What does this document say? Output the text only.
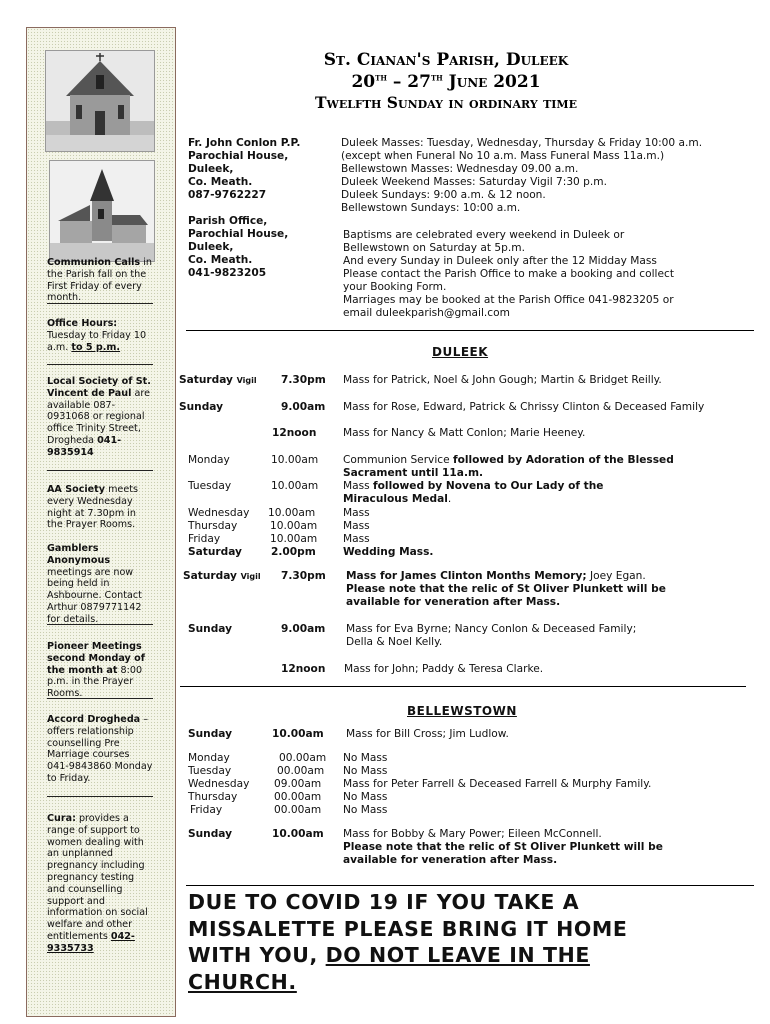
Communion Calls in the Parish fall on the First Friday of every month.
Office Hours:
Tuesday to Friday 10 a.m. to 5 p.m.
Local Society of St. Vincent de Paul are available 087-0931068 or regional office Trinity Street, Drogheda 041-9835914
AA Society meets every Wednesday night at 7.30pm in the Prayer Rooms.
Gamblers Anonymous
meetings are now being held in Ashbourne. Contact Arthur 0879771142 for details.
Pioneer Meetings second Monday of the month at 8:00 p.m. in the Prayer Rooms.
Accord Drogheda – offers relationship counselling Pre Marriage courses 041-9843860 Monday to Friday.
Cura: provides a range of support to women dealing with an unplanned pregnancy including pregnancy testing and counselling support and information on social welfare and other entitlements 042-9335733
St. Cianan's Parish, Duleek
20th – 27th June 2021
Twelfth Sunday in ordinary time
Fr. John Conlon P.P.
Parochial House,
Duleek,
Co. Meath.
087-9762227
Parish Office,
Parochial House,
Duleek,
Co. Meath.
041-9823205
Duleek Masses: Tuesday, Wednesday, Thursday & Friday 10:00 a.m.
(except when Funeral No 10 a.m. Mass Funeral Mass 11a.m.)
Bellewstown Masses: Wednesday 09.00 a.m.
Duleek Weekend Masses: Saturday Vigil 7:30 p.m.
Duleek Sundays: 9:00 a.m. & 12 noon.
Bellewstown Sundays: 10:00 a.m.
Baptisms are celebrated every weekend in Duleek or
Bellewstown on Saturday at 5p.m.
And every Sunday in Duleek only after the 12 Midday Mass
Please contact the Parish Office to make a booking and collect
your Booking Form.
Marriages may be booked at the Parish Office 041-9823205 or
email duleekparish@gmail.com
DULEEK
Saturday Vigil 7.30pm Mass for Patrick, Noel & John Gough; Martin & Bridget Reilly.
Sunday	9.00am Mass for Rose, Edward, Patrick & Chrissy Clinton & Deceased Family
12noon	Mass for Nancy & Matt Conlon; Marie Heeney.
Monday	10.00am Communion Service followed by Adoration of the Blessed
Sacrament until 11a.m.
Tuesday	10.00am Mass followed by Novena to Our Lady of the
Miraculous Medal.
Wednesday 10.00am	Mass
Thursday	10.00am Mass
Friday	10.00am Mass
Saturday	2.00pm	Wedding Mass.
Saturday Vigil 7.30pm Mass for James Clinton Months Memory; Joey Egan.
Please note that the relic of St Oliver Plunkett will be
available for veneration after Mass.
Sunday	9.00am Mass for Eva Byrne; Nancy Conlon & Deceased Family;
Della & Noel Kelly.
12noon Mass for John; Paddy & Teresa Clarke.
BELLEWSTOWN
Sunday	10.00am Mass for Bill Cross; Jim Ludlow.
Monday	00.00am No Mass
Tuesday	00.00am No Mass
Wednesday 09.00am Mass for Peter Farrell & Deceased Farrell & Murphy Family.
Thursday	00.00am No Mass
Friday	00.00am No Mass
Sunday	10.00am Mass for Bobby & Mary Power; Eileen McConnell.
Please note that the relic of St Oliver Plunkett will be
available for veneration after Mass.
DUE TO COVID 19 IF YOU TAKE A
MISSALETTE PLEASE BRING IT HOME
WITH YOU, DO NOT LEAVE IN THE
CHURCH.
